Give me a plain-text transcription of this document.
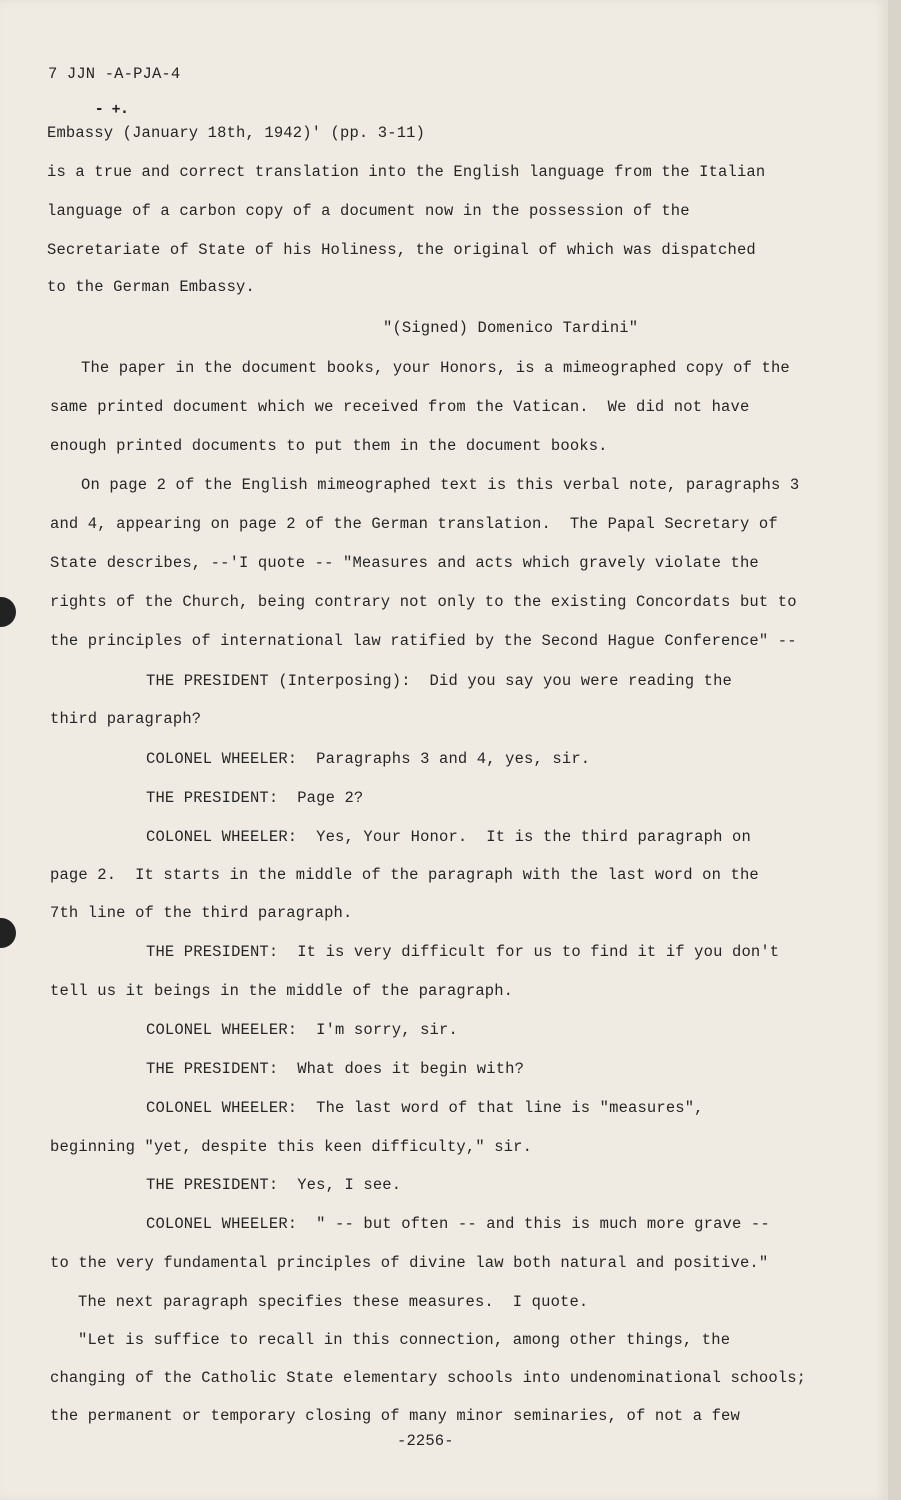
- +.
7 JJN -A-PJA-4
Embassy (January 18th, 1942)' (pp. 3-11)
is a true and correct translation into the English language from the Italian
language of a carbon copy of a document now in the possession of the
Secretariate of State of his Holiness, the original of which was dispatched
to the German Embassy.
"(Signed) Domenico Tardini"
The paper in the document books, your Honors, is a mimeographed copy of the
same printed document which we received from the Vatican.  We did not have
enough printed documents to put them in the document books.
On page 2 of the English mimeographed text is this verbal note, paragraphs 3
and 4, appearing on page 2 of the German translation.  The Papal Secretary of
State describes, --'I quote -- "Measures and acts which gravely violate the
rights of the Church, being contrary not only to the existing Concordats but to
the principles of international law ratified by the Second Hague Conference" --
THE PRESIDENT (Interposing):  Did you say you were reading the
third paragraph?
COLONEL WHEELER:  Paragraphs 3 and 4, yes, sir.
THE PRESIDENT:  Page 2?
COLONEL WHEELER:  Yes, Your Honor.  It is the third paragraph on
page 2.  It starts in the middle of the paragraph with the last word on the
7th line of the third paragraph.
THE PRESIDENT:  It is very difficult for us to find it if you don't
tell us it beings in the middle of the paragraph.
COLONEL WHEELER:  I'm sorry, sir.
THE PRESIDENT:  What does it begin with?
COLONEL WHEELER:  The last word of that line is "measures",
beginning "yet, despite this keen difficulty," sir.
THE PRESIDENT:  Yes, I see.
COLONEL WHEELER:  " -- but often -- and this is much more grave --
to the very fundamental principles of divine law both natural and positive."
The next paragraph specifies these measures.  I quote.
"Let is suffice to recall in this connection, among other things, the
changing of the Catholic State elementary schools into undenominational schools;
the permanent or temporary closing of many minor seminaries, of not a few
-2256-
